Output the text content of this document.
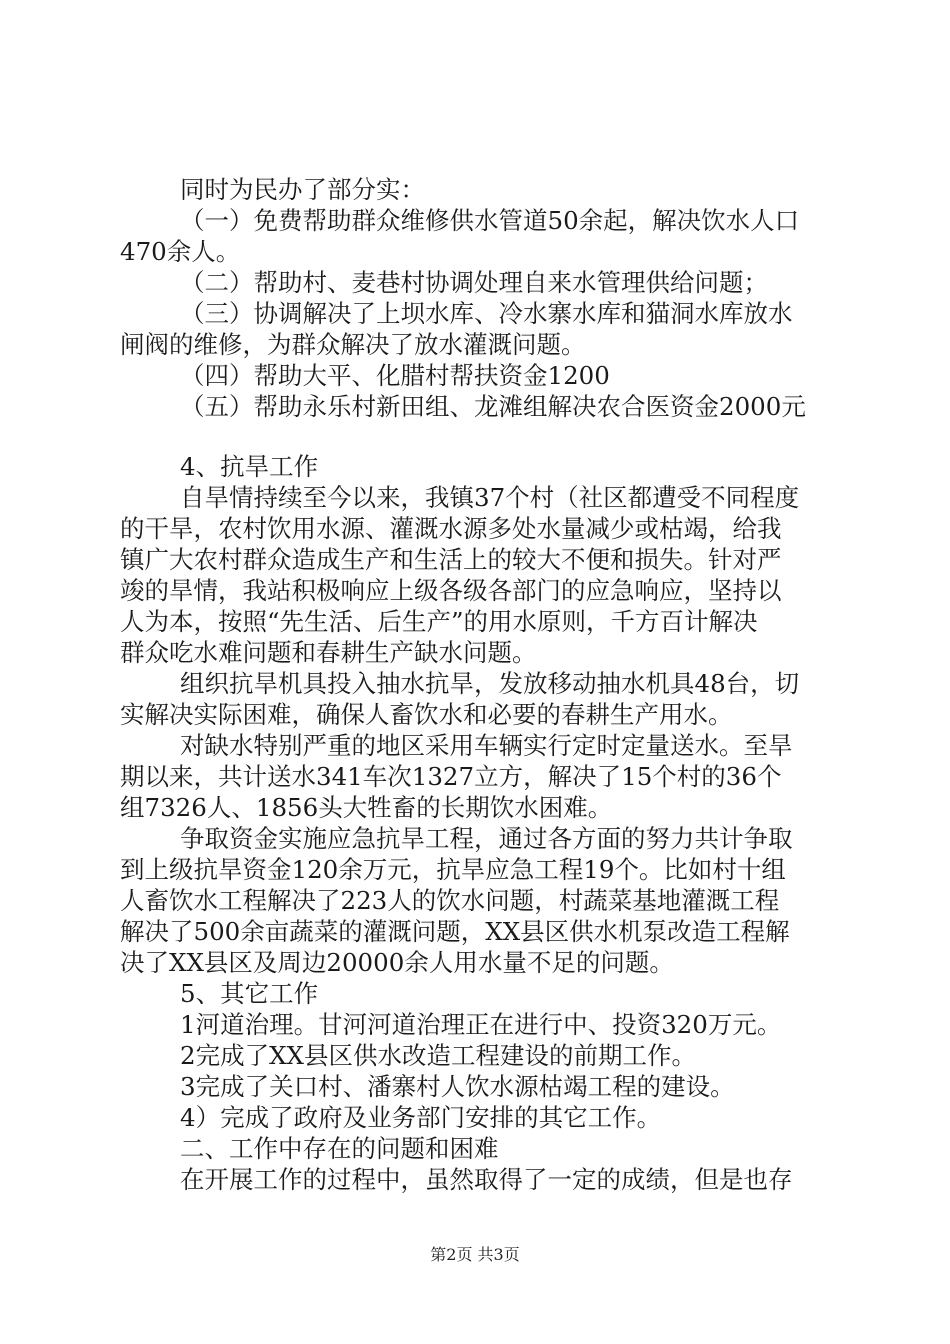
同时为民办了部分实：
（一）免费帮助群众维修供水管道50余起，解决饮水人口
470余人。
（二）帮助村、麦巷村协调处理自来水管理供给问题；
（三）协调解决了上坝水库、冷水寨水库和猫洞水库放水
闸阀的维修，为群众解决了放水灌溉问题。
（四）帮助大平、化腊村帮扶资金1200
（五）帮助永乐村新田组、龙滩组解决农合医资金2000元
4、抗旱工作
自旱情持续至今以来，我镇37个村（社区都遭受不同程度
的干旱，农村饮用水源、灌溉水源多处水量减少或枯竭，给我
镇广大农村群众造成生产和生活上的较大不便和损失。针对严
竣的旱情，我站积极响应上级各级各部门的应急响应，坚持以
人为本，按照“先生活、后生产”的用水原则，千方百计解决
群众吃水难问题和春耕生产缺水问题。
组织抗旱机具投入抽水抗旱，发放移动抽水机具48台，切
实解决实际困难，确保人畜饮水和必要的春耕生产用水。
对缺水特别严重的地区采用车辆实行定时定量送水。至旱
期以来，共计送水341车次1327立方，解决了15个村的36个
组7326人、1856头大牲畜的长期饮水困难。
争取资金实施应急抗旱工程，通过各方面的努力共计争取
到上级抗旱资金120余万元，抗旱应急工程19个。比如村十组
人畜饮水工程解决了223人的饮水问题，村蔬菜基地灌溉工程
解决了500余亩蔬菜的灌溉问题，XX县区供水机泵改造工程解
决了XX县区及周边20000余人用水量不足的问题。
5、其它工作
1河道治理。甘河河道治理正在进行中、投资320万元。
2完成了XX县区供水改造工程建设的前期工作。
3完成了关口村、潘寨村人饮水源枯竭工程的建设。
4）完成了政府及业务部门安排的其它工作。
二、工作中存在的问题和困难
在开展工作的过程中，虽然取得了一定的成绩，但是也存
第2页 共3页
